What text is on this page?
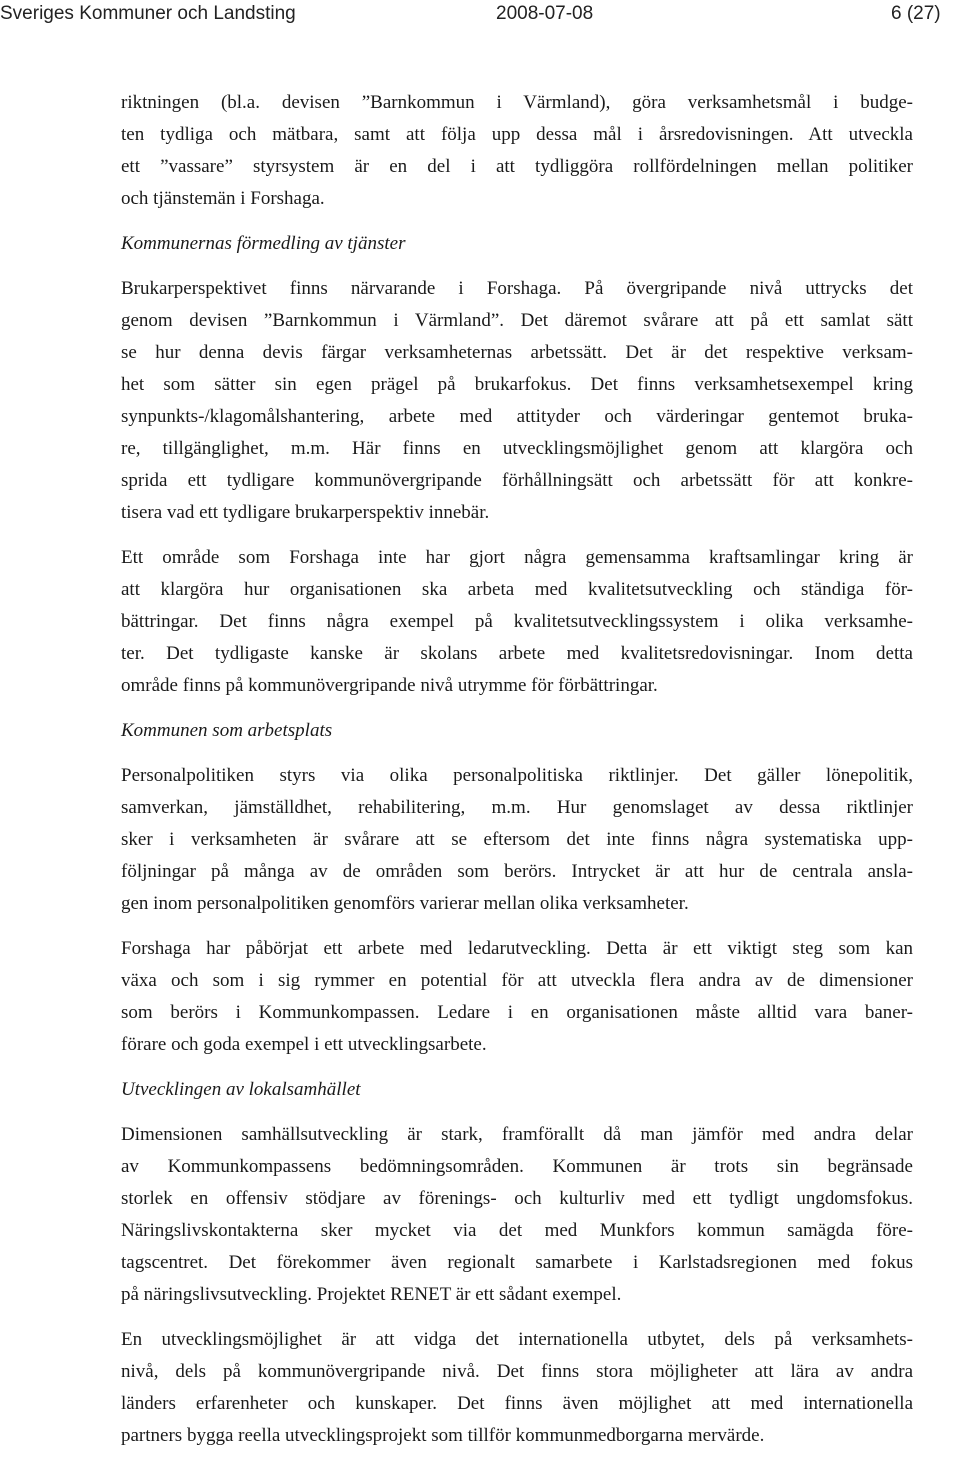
Sveriges Kommuner och Landsting	2008-07-08	6 (27)

riktningen (bl.a. devisen ”Barnkommun i Värmland), göra verksamhetsmål i budge-
ten tydliga och mätbara, samt att följa upp dessa mål i årsredovisningen. Att utveckla
ett ”vassare” styrsystem är en del i att tydliggöra rollfördelningen mellan politiker
och tjänstemän i Forshaga.

Kommunernas förmedling av tjänster

Brukarperspektivet finns närvarande i Forshaga. På övergripande nivå uttrycks det
genom devisen ”Barnkommun i Värmland”. Det däremot svårare att på ett samlat sätt
se hur denna devis färgar verksamheternas arbetssätt. Det är det respektive verksam-
het som sätter sin egen prägel på brukarfokus. Det finns verksamhetsexempel kring
synpunkts-/klagomålshantering, arbete med attityder och värderingar gentemot bruka-
re, tillgänglighet, m.m. Här finns en utvecklingsmöjlighet genom att klargöra och
sprida ett tydligare kommunövergripande förhållningsätt och arbetssätt för att konkre-
tisera vad ett tydligare brukarperspektiv innebär.

Ett område som Forshaga inte har gjort några gemensamma kraftsamlingar kring är
att klargöra hur organisationen ska arbeta med kvalitetsutveckling och ständiga för-
bättringar. Det finns några exempel på kvalitetsutvecklingssystem i olika verksamhe-
ter. Det tydligaste kanske är skolans arbete med kvalitetsredovisningar. Inom detta
område finns på kommunövergripande nivå utrymme för förbättringar.

Kommunen som arbetsplats

Personalpolitiken styrs via olika personalpolitiska riktlinjer. Det gäller lönepolitik,
samverkan, jämställdhet, rehabilitering, m.m. Hur genomslaget av dessa riktlinjer
sker i verksamheten är svårare att se eftersom det inte finns några systematiska upp-
följningar på många av de områden som berörs. Intrycket är att hur de centrala ansla-
gen inom personalpolitiken genomförs varierar mellan olika verksamheter.

Forshaga har påbörjat ett arbete med ledarutveckling. Detta är ett viktigt steg som kan
växa och som i sig rymmer en potential för att utveckla flera andra av de dimensioner
som berörs i Kommunkompassen. Ledare i en organisationen måste alltid vara baner-
förare och goda exempel i ett utvecklingsarbete.

Utvecklingen av lokalsamhället

Dimensionen samhällsutveckling är stark, framförallt då man jämför med andra delar
av Kommunkompassens bedömningsområden. Kommunen är trots sin begränsade
storlek en offensiv stödjare av förenings- och kulturliv med ett tydligt ungdomsfokus.
Näringslivskontakterna sker mycket via det med Munkfors kommun samägda före-
tagscentret. Det förekommer även regionalt samarbete i Karlstadsregionen med fokus
på näringslivsutveckling. Projektet RENET är ett sådant exempel.

En utvecklingsmöjlighet är att vidga det internationella utbytet, dels på verksamhets-
nivå, dels på kommunövergripande nivå. Det finns stora möjligheter att lära av andra
länders erfarenheter och kunskaper. Det finns även möjlighet att med internationella
partners bygga reella utvecklingsprojekt som tillför kommunmedborgarna mervärde.
